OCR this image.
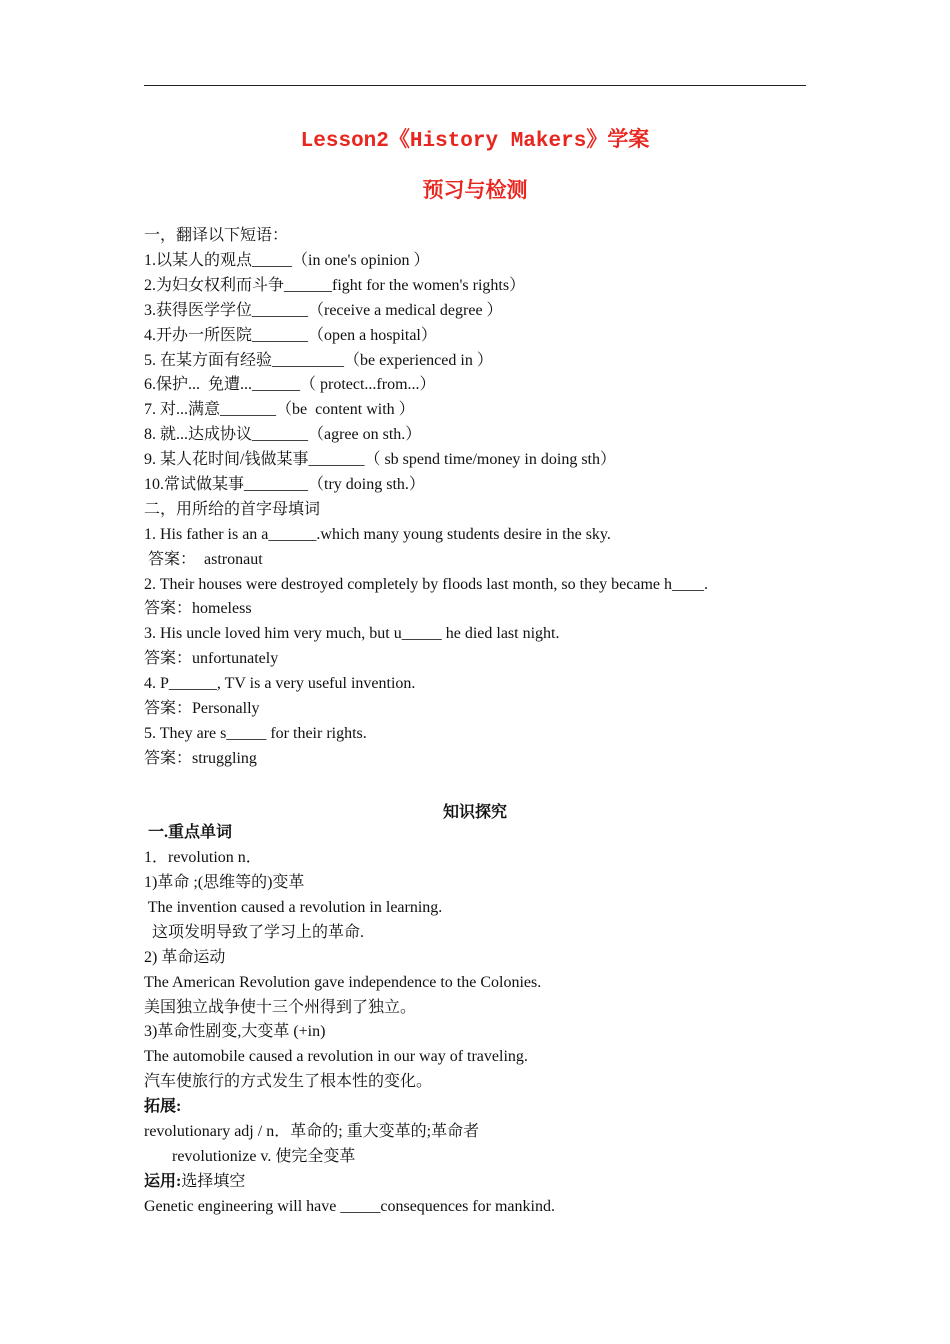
Lesson2《History Makers》学案
预习与检测
一，翻译以下短语：
1.以某人的观点_____（in one's opinion ）
2.为妇女权利而斗争______fight for the women's rights）
3.获得医学学位_______（receive a medical degree ）
4.开办一所医院_______（open a hospital）
5. 在某方面有经验_________（be experienced in ）
6.保护...  免遭...______（ protect...from...）
7. 对...满意_______（be  content with ）
8. 就...达成协议_______（agree on sth.）
9. 某人花时间/钱做某事_______（ sb spend time/money in doing sth）
10.常试做某事________（try doing sth.）
二，用所给的首字母填词
1. His father is an a______.which many young students desire in the sky.
答案：  astronaut
2. Their houses were destroyed completely by floods last month, so they became h____.
答案：homeless
3. His uncle loved him very much, but u_____ he died last night.
答案：unfortunately
4. P______, TV is a very useful invention.
答案：Personally
5. They are s_____ for their rights.
答案：struggling
知识探究
一.重点单词
1．revolution n．
1)革命 ;(思维等的)变革
The invention caused a revolution in learning.
这项发明导致了学习上的革命.
2) 革命运动
The American Revolution gave independence to the Colonies.
美国独立战争使十三个州得到了独立。
3)革命性剧变,大变革 (+in)
The automobile caused a revolution in our way of traveling.
汽车使旅行的方式发生了根本性的变化。
拓展:
revolutionary adj / n．革命的; 重大变革的;革命者
revolutionize v. 使完全变革
运用:选择填空
Genetic engineering will have _____consequences for mankind.
